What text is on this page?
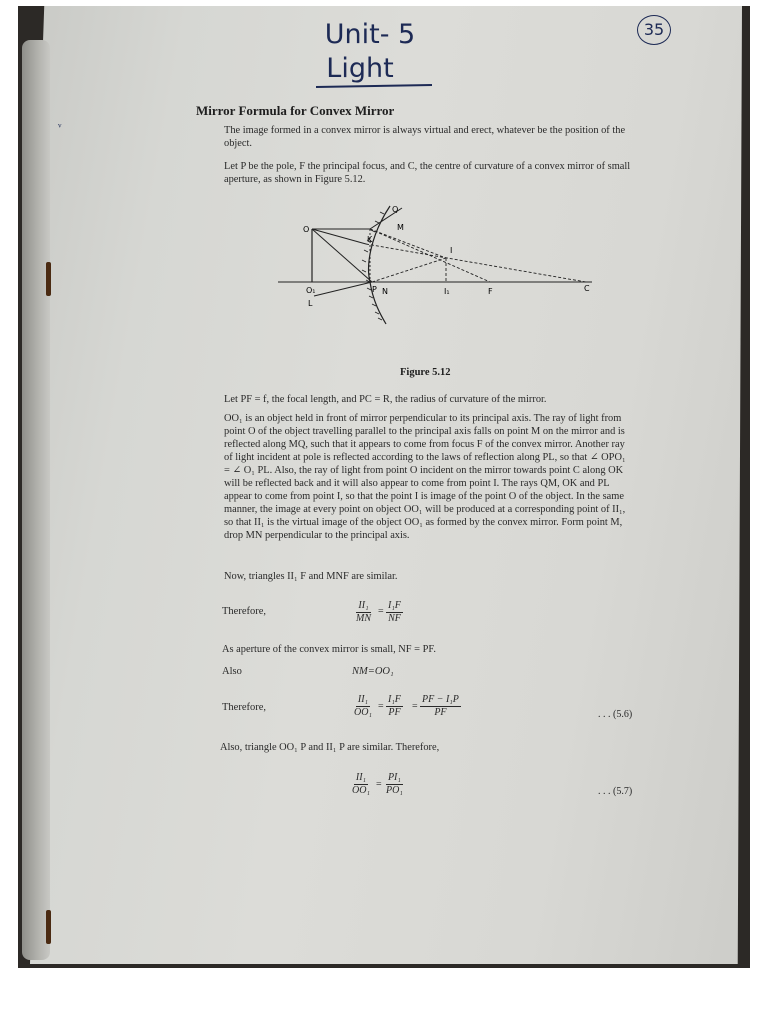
ᵛ
Unit- 5
Light
35
Mirror Formula for Convex Mirror

The image formed in a convex mirror is always virtual and erect, whatever be the position of the object.

Let P be the pole, F the principal focus, and C, the centre of curvature of a convex mirror of small aperture, as shown in Figure 5.12.

O
Q
M
K
I
O₁	P N	I₁	F	C
L
Figure 5.12

Let PF = f, the focal length, and PC = R, the radius of curvature of the mirror.

OO₁ is an object held in front of mirror perpendicular to its principal axis. The ray of light from point O of the object travelling parallel to the principal axis falls on point M on the mirror and is reflected along MQ, such that it appears to come from focus F of the convex mirror. Another ray of light incident at pole is reflected according to the laws of reflection along PL, so that ∠ OPO₁ = ∠ O₁ PL. Also, the ray of light from point O incident on the mirror towards point C along OK will be reflected back and it will also appear to come from point I. The rays QM, OK and PL appear to come from point I, so that the point I is image of the point O of the object. In the same manner, the image at every point on object OO₁ will be produced at a corresponding point of II₁, so that II₁ is the virtual image of the object OO₁ as formed by the convex mirror. Form point M, drop MN perpendicular to the principal axis.

Now, triangles II₁ F and MNF are similar.

Therefore,	$\frac{\text{II₁}}{MN} = \frac{\text{I₁F}}{NF}$

As aperture of the convex mirror is small, NF = PF.

Also	NM=OO₁
Therefore,	$\frac{\text{II₁}}{\text{OO₁}} = \frac{\text{I₁F}}{PF} = \frac{\text{PF − I₁P}}{PF}$	. . . (5.6)

Also, triangle OO₁ P and II₁ P are similar. Therefore,

$\frac{\text{II₁}}{\text{OO₁}} = \frac{\text{PI₁}}{\text{PO₁}}$	. . . (5.7)
